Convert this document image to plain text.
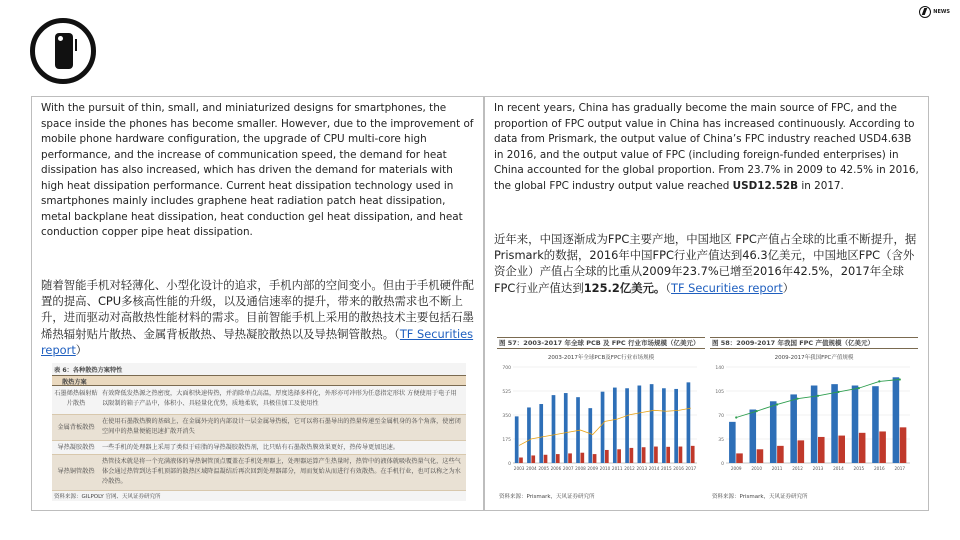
NEWS

With the pursuit of thin, small, and miniaturized designs for smartphones, the space inside the phones has become smaller. However, due to the improvement of mobile phone hardware configuration, the upgrade of CPU multi-core high performance, and the increase of communication speed, the demand for heat dissipation has also increased, which has driven the demand for materials with high heat dissipation performance. Current heat dissipation technology used in smartphones mainly includes graphene heat radiation patch heat dissipation, metal backplane heat dissipation, heat conduction gel heat dissipation, and heat conduction copper pipe heat dissipation.

随着智能手机对轻薄化、小型化设计的追求，手机内部的空间变小。但由于手机硬件配置的提高、CPU多核高性能的升级，以及通信速率的提升，带来的散热需求也不断上升，进而驱动对高散热性能材料的需求。目前智能手机上采用的散热技术主要包括石墨烯热辐射贴片散热、金属背板散热、导热凝胶散热以及导热铜管散热。（TF Securities report）

表 6：各种散热方案特性
散热方案
石墨烯热辐射贴片散热
有效降低发热源之热密度，大面积快速传热，并消除单点高温，厚度选择多样化，外形亦可冲形为任意指定形状 方便使用于电子用以限制的箱子产品中，体积小、具轻量化优势，质地柔软，具极佳加工及使用性
金属背板散热
在使用石墨散热膜的基础上，在金属外壳的内部设计一层金属导热板，它可以将石墨导出的热量传递至金属机身的各个角落，使密闭空间中的热量便能迅速扩散开消失
导热凝胶散热	一些手机的处理器上采用了类似于硅脂的导热凝胶散热剂，比只贴有石墨散热膜效果更好，热传导更加迅速。
导热铜管散热
热管技术就是将一个充满液体的导热铜管顶点覆盖在手机处理器上，处理器运算产生热量时，热管中的液体就吸收热量气化，这些气体会通过热管到达手机顶部的散热区域降温凝结后再次回到处理器部分，周而复始从而进行有效散热。在手机行业，也可以称之为水冷散热。
资料来源：GILPOLY 官网、天风证券研究所

In recent years, China has gradually become the main source of FPC, and the proportion of FPC output value in China has increased continuously. According to data from Prismark, the output value of China’s FPC industry reached USD4.63B in 2016, and the output value of FPC (including foreign-funded enterprises) in China accounted for the global proportion. From 23.7% in 2009 to 42.5% in 2016, the global FPC industry output value reached USD12.52B in 2017.

近年来，中国逐渐成为FPC主要产地，中国地区 FPC产值占全球的比重不断提升，据Prismark的数据，2016年中国FPC行业产值达到46.3亿美元，中国地区FPC（含外资企业）产值占全球的比重从2009年23.7%已增至2016年42.5%，2017年全球FPC行业产值达到125.2亿美元。（TF Securities report）

图 57：2003-2017 年全球 PCB 及 FPC 行业市场规模（亿美元）
2003-2017年全球PCB及FPC行业市场规模
0
175
350
525
700
2003 2004 2005 2006 2007 2008 2009 2010 2011 2012 2013 2014 2015 2016 2017
资料来源：Prismark，天风证券研究所
图 58：2009-2017 年我国 FPC 产值规模（亿美元）
2009-2017年我国FPC产值规模
0
35
70
105
140
2009 2010 2011 2012 2013 2014 2015 2016 2017
资料来源：Prismark，天风证券研究所
